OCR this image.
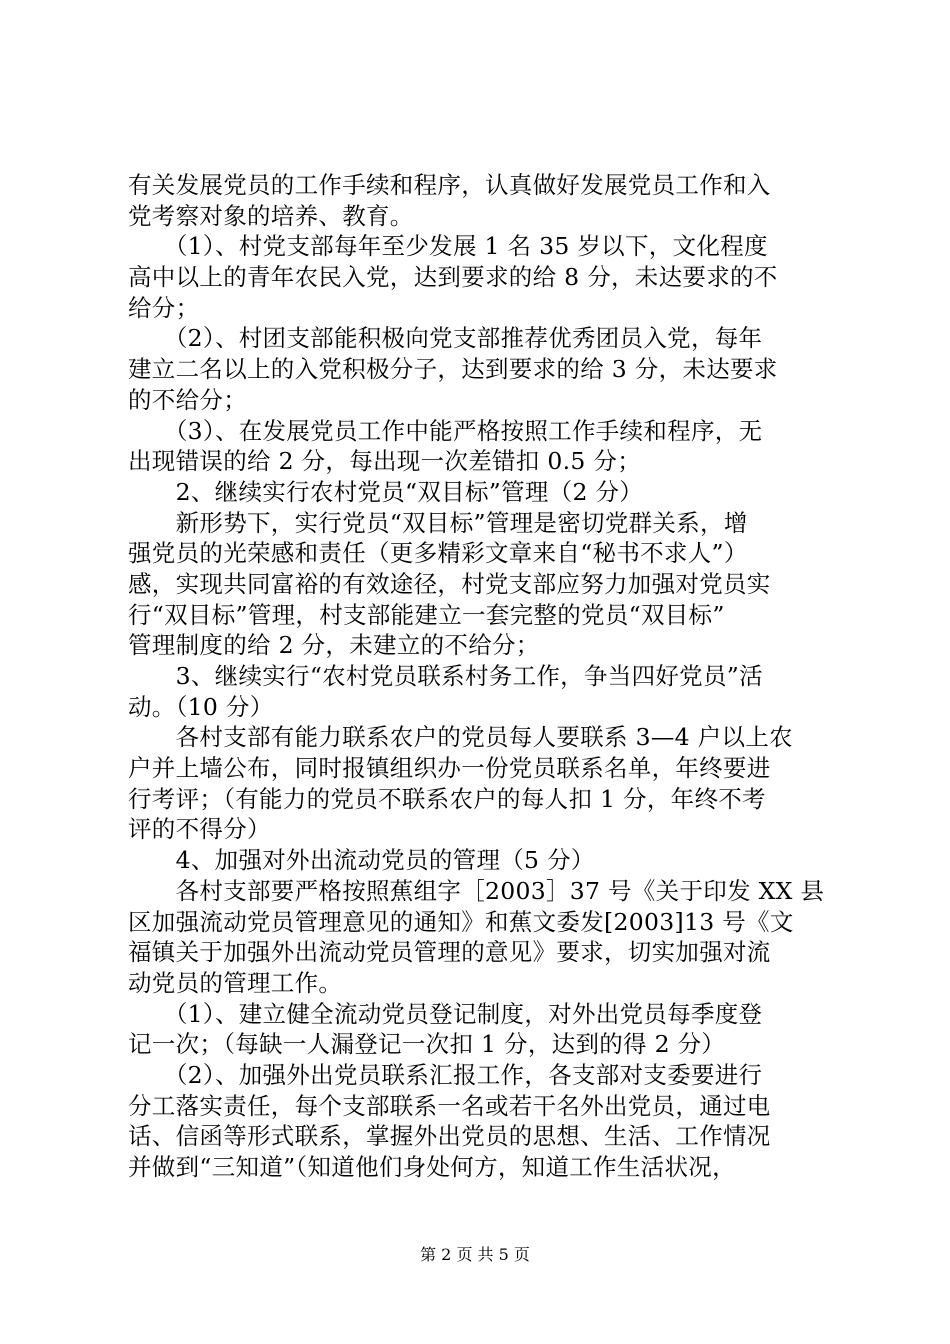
有关发展党员的工作手续和程序，认真做好发展党员工作和入
党考察对象的培养、教育。
　　（1）、村党支部每年至少发展 1 名 35 岁以下，文化程度
高中以上的青年农民入党，达到要求的给 8 分，未达要求的不
给分；
　　（2）、村团支部能积极向党支部推荐优秀团员入党，每年
建立二名以上的入党积极分子，达到要求的给 3 分，未达要求
的不给分；
　　（3）、在发展党员工作中能严格按照工作手续和程序，无
出现错误的给 2 分，每出现一次差错扣 0.5 分；
　　2、继续实行农村党员“双目标”管理（2 分）
　　新形势下，实行党员“双目标”管理是密切党群关系，增
强党员的光荣感和责任（更多精彩文章来自“秘书不求人”）
感，实现共同富裕的有效途径，村党支部应努力加强对党员实
行“双目标”管理，村支部能建立一套完整的党员“双目标”
管理制度的给 2 分，未建立的不给分；
　　3、继续实行“农村党员联系村务工作，争当四好党员”活
动。（10 分）
　　各村支部有能力联系农户的党员每人要联系 3—4 户以上农
户并上墙公布，同时报镇组织办一份党员联系名单，年终要进
行考评；（有能力的党员不联系农户的每人扣 1 分，年终不考
评的不得分）
　　4、加强对外出流动党员的管理（5 分）
　　各村支部要严格按照蕉组字［2003］37 号《关于印发 XX 县
区加强流动党员管理意见的通知》和蕉文委发[2003]13 号《文
福镇关于加强外出流动党员管理的意见》要求，切实加强对流
动党员的管理工作。
　　（1）、建立健全流动党员登记制度，对外出党员每季度登
记一次；（每缺一人漏登记一次扣 1 分，达到的得 2 分）
　　（2）、加强外出党员联系汇报工作，各支部对支委要进行
分工落实责任，每个支部联系一名或若干名外出党员，通过电
话、信函等形式联系，掌握外出党员的思想、生活、工作情况
并做到“三知道”（知道他们身处何方，知道工作生活状况，
第 2 页 共 5 页
